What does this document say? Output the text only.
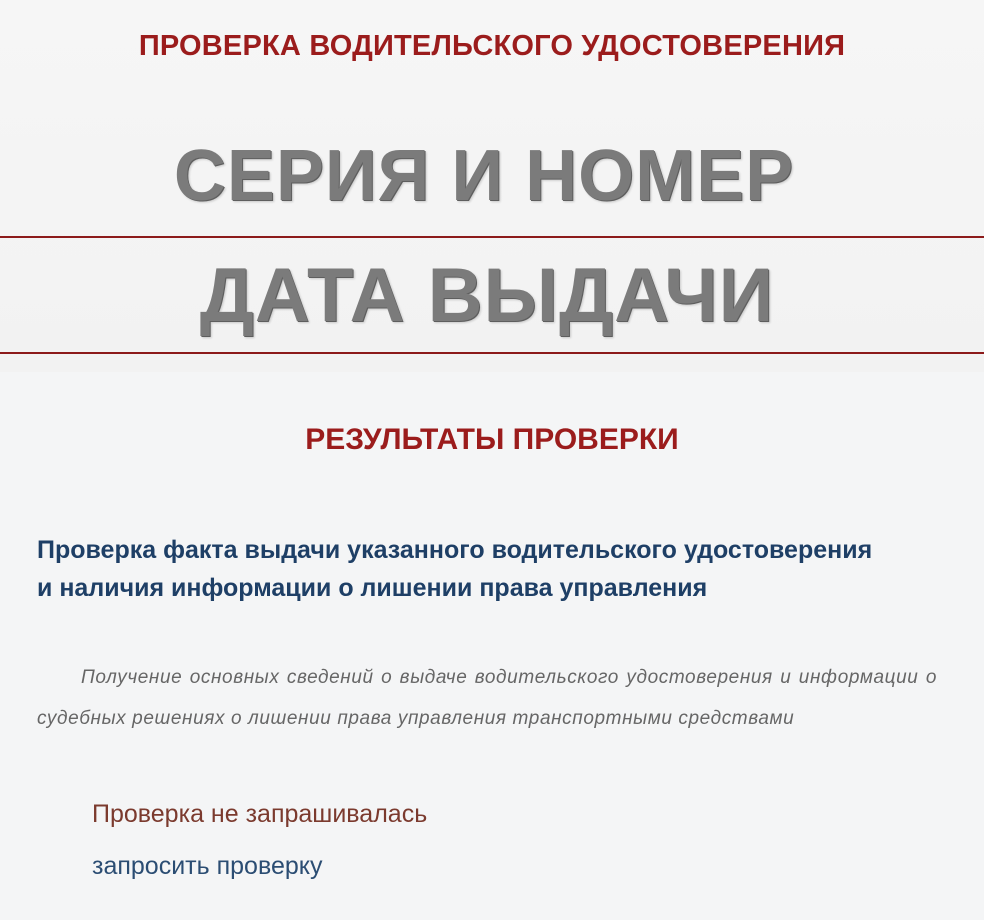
ПРОВЕРКА ВОДИТЕЛЬСКОГО УДОСТОВЕРЕНИЯ
СЕРИЯ И НОМЕР
ДАТА ВЫДАЧИ
РЕЗУЛЬТАТЫ ПРОВЕРКИ
Проверка факта выдачи указанного водительского удостоверения и наличия информации о лишении права управления
Получение основных сведений о выдаче водительского удостоверения и информации о судебных решениях о лишении права управления транспортными средствами
Проверка не запрашивалась
запросить проверку
